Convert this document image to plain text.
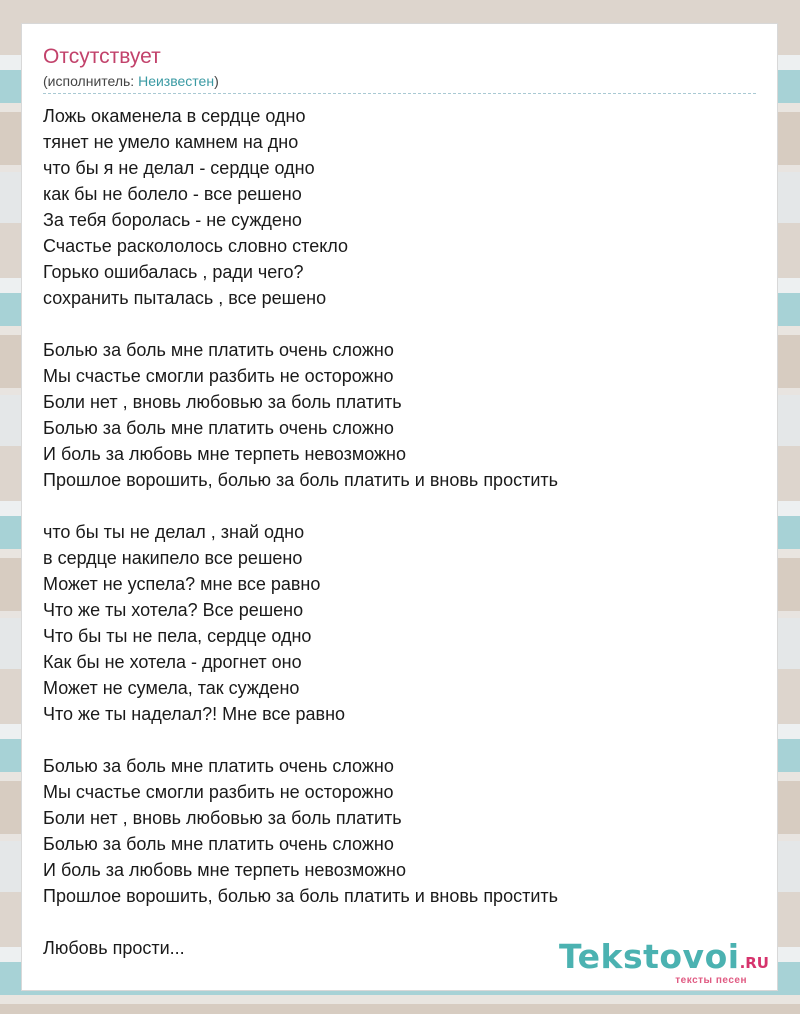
Отсутствует
(исполнитель: Неизвестен)
Ложь окаменела в сердце одно
тянет не умело камнем на дно
что бы я не делал - сердце одно
как бы не болело - все решено
За тебя боролась - не суждено
Счастье раскололось словно стекло
Горько ошибалась , ради чего?
сохранить пыталась , все решено
Болью за боль мне платить очень сложно
Мы счастье смогли разбить не осторожно
Боли нет , вновь любовью за боль платить
Болью за боль мне платить очень сложно
И боль за любовь мне терпеть невозможно
Прошлое ворошить, болью за боль платить и вновь простить
что бы ты не делал , знай одно
в сердце накипело все решено
Может не успела? мне все равно
Что же ты хотела? Все решено
Что бы ты не пела, сердце одно
Как бы не хотела - дрогнет оно
Может не сумела, так суждено
Что же ты наделал?! Мне все равно
Болью за боль мне платить очень сложно
Мы счастье смогли разбить не осторожно
Боли нет , вновь любовью за боль платить
Болью за боль мне платить очень сложно
И боль за любовь мне терпеть невозможно
Прошлое ворошить, болью за боль платить и вновь простить
Любовь прости...	Tekstovoi.RU
тексты песен
